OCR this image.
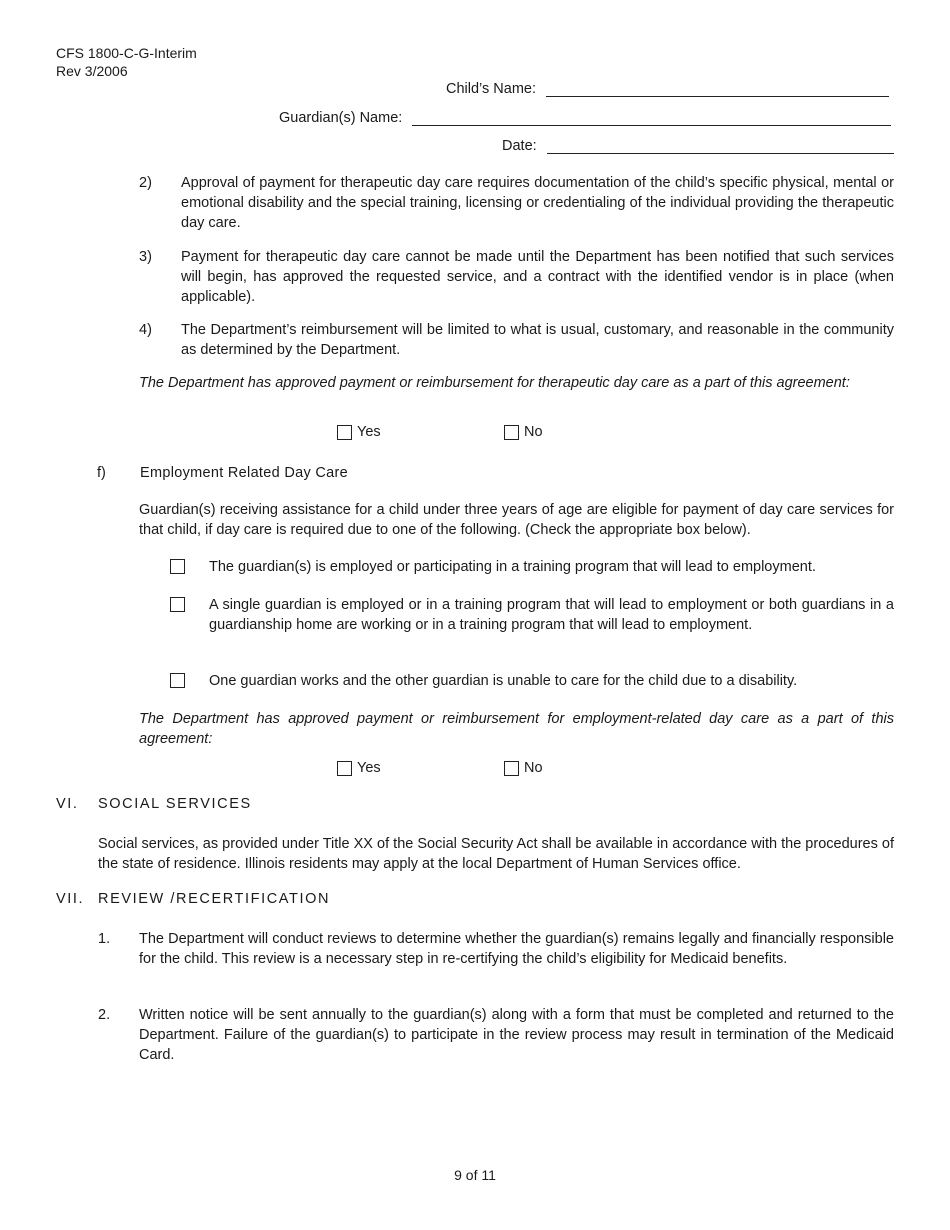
CFS 1800-C-G-Interim
Rev 3/2006
Child’s Name:
Guardian(s) Name:
Date:
2) Approval of payment for therapeutic day care requires documentation of the child’s specific physical, mental or emotional disability and the special training, licensing or credentialing of the individual providing the therapeutic day care.
3) Payment for therapeutic day care cannot be made until the Department has been notified that such services will begin, has approved the requested service, and a contract with the identified vendor is in place (when applicable).
4) The Department’s reimbursement will be limited to what is usual, customary, and reasonable in the community as determined by the Department.
The Department has approved payment or reimbursement for therapeutic day care as a part of this agreement:
Yes	No
f) Employment Related Day Care
Guardian(s) receiving assistance for a child under three years of age are eligible for payment of day care services for that child, if day care is required due to one of the following. (Check the appropriate box below).
The guardian(s) is employed or participating in a training program that will lead to employment.
A single guardian is employed or in a training program that will lead to employment or both guardians in a guardianship home are working or in a training program that will lead to employment.
One guardian works and the other guardian is unable to care for the child due to a disability.
The Department has approved payment or reimbursement for employment-related day care as a part of this agreement:
Yes	No
VI. SOCIAL SERVICES
Social services, as provided under Title XX of the Social Security Act shall be available in accordance with the procedures of the state of residence. Illinois residents may apply at the local Department of Human Services office.
VII. REVIEW /RECERTIFICATION
1. The Department will conduct reviews to determine whether the guardian(s) remains legally and financially responsible for the child. This review is a necessary step in re-certifying the child’s eligibility for Medicaid benefits.
2. Written notice will be sent annually to the guardian(s) along with a form that must be completed and returned to the Department. Failure of the guardian(s) to participate in the review process may result in termination of the Medicaid Card.
9 of 11
